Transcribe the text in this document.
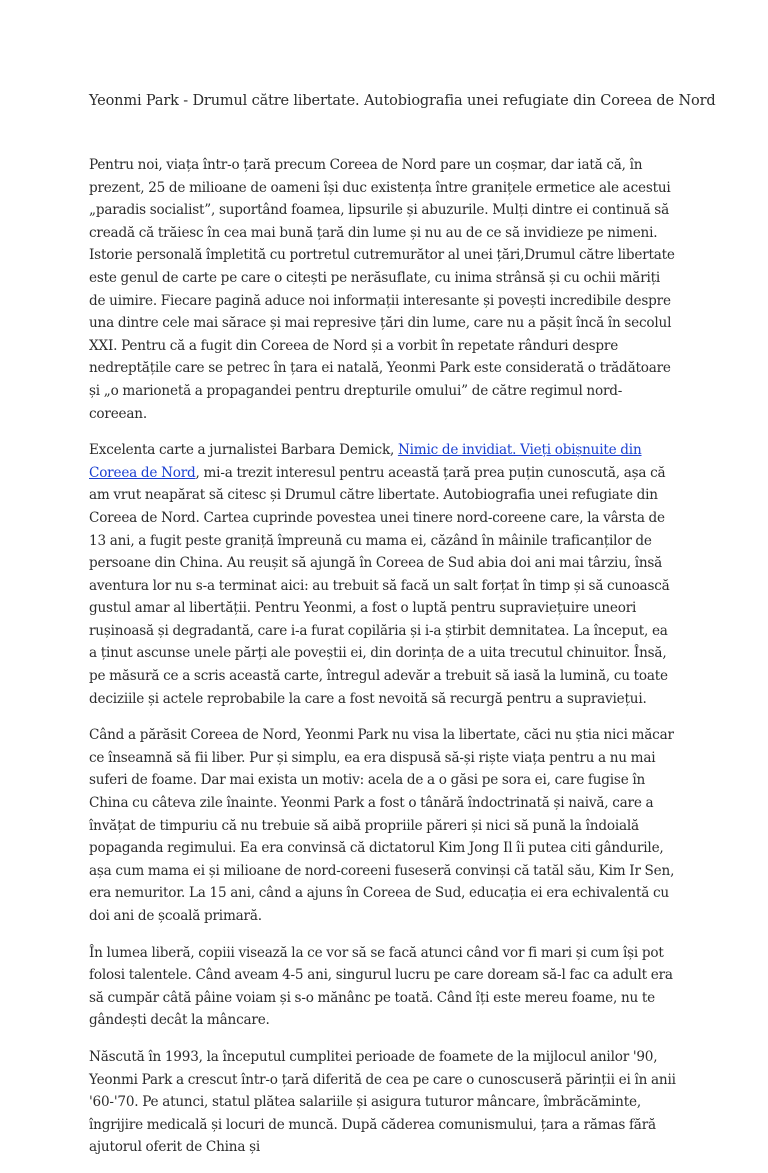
Yeonmi Park - Drumul către libertate. Autobiografia unei refugiate din Coreea de Nord

Pentru noi, viața într-o țară precum Coreea de Nord pare un coșmar, dar iată că, în prezent, 25 de milioane de oameni își duc existența între granițele ermetice ale acestui „paradis socialist”, suportând foamea, lipsurile și abuzurile. Mulți dintre ei continuă să creadă că trăiesc în cea mai bună țară din lume și nu au de ce să invidieze pe nimeni. Istorie personală împletită cu portretul cutremurător al unei țări,Drumul către libertate este genul de carte pe care o citești pe nerăsuflate, cu inima strânsă și cu ochii măriți de uimire. Fiecare pagină aduce noi informații interesante și povești incredibile despre una dintre cele mai sărace și mai represive țări din lume, care nu a pășit încă în secolul XXI. Pentru că a fugit din Coreea de Nord și a vorbit în repetate rânduri despre nedreptățile care se petrec în țara ei natală, Yeonmi Park este considerată o trădătoare și „o marionetă a propagandei pentru drepturile omului” de către regimul nord-coreean.

Excelenta carte a jurnalistei Barbara Demick, Nimic de invidiat. Vieți obișnuite din Coreea de Nord, mi-a trezit interesul pentru această țară prea puțin cunoscută, așa că am vrut neapărat să citesc și Drumul către libertate. Autobiografia unei refugiate din Coreea de Nord. Cartea cuprinde povestea unei tinere nord-coreene care, la vârsta de 13 ani, a fugit peste graniță împreună cu mama ei, căzând în mâinile traficanților de persoane din China. Au reușit să ajungă în Coreea de Sud abia doi ani mai târziu, însă aventura lor nu s-a terminat aici: au trebuit să facă un salt forțat în timp și să cunoască gustul amar al libertății. Pentru Yeonmi, a fost o luptă pentru supraviețuire uneori rușinoasă și degradantă, care i-a furat copilăria și i-a știrbit demnitatea. La început, ea a ținut ascunse unele părți ale poveștii ei, din dorința de a uita trecutul chinuitor. Însă, pe măsură ce a scris această carte, întregul adevăr a trebuit să iasă la lumină, cu toate deciziile și actele reprobabile la care a fost nevoită să recurgă pentru a supraviețui.

Când a părăsit Coreea de Nord, Yeonmi Park nu visa la libertate, căci nu știa nici măcar ce înseamnă să fii liber. Pur și simplu, ea era dispusă să-și riște viața pentru a nu mai suferi de foame. Dar mai exista un motiv: acela de a o găsi pe sora ei, care fugise în China cu câteva zile înainte. Yeonmi Park a fost o tânără îndoctrinată și naivă, care a învățat de timpuriu că nu trebuie să aibă propriile păreri și nici să pună la îndoială popaganda regimului. Ea era convinsă că dictatorul Kim Jong Il îi putea citi gândurile, așa cum mama ei și milioane de nord-coreeni fuseseră convinși că tatăl său, Kim Ir Sen, era nemuritor. La 15 ani, când a ajuns în Coreea de Sud, educația ei era echivalentă cu doi ani de școală primară.

În lumea liberă, copiii visează la ce vor să se facă atunci când vor fi mari și cum își pot folosi talentele. Când aveam 4-5 ani, singurul lucru pe care doream să-l fac ca adult era să cumpăr câtă pâine voiam și s-o mănânc pe toată. Când îți este mereu foame, nu te gândești decât la mâncare.

Născută în 1993, la începutul cumplitei perioade de foamete de la mijlocul anilor '90, Yeonmi Park a crescut într-o țară diferită de cea pe care o cunoscuseră părinții ei în anii '60-'70. Pe atunci, statul plătea salariile și asigura tuturor mâncare, îmbrăcăminte, îngrijire medicală și locuri de muncă. După căderea comunismului, țara a rămas fără ajutorul oferit de China și
